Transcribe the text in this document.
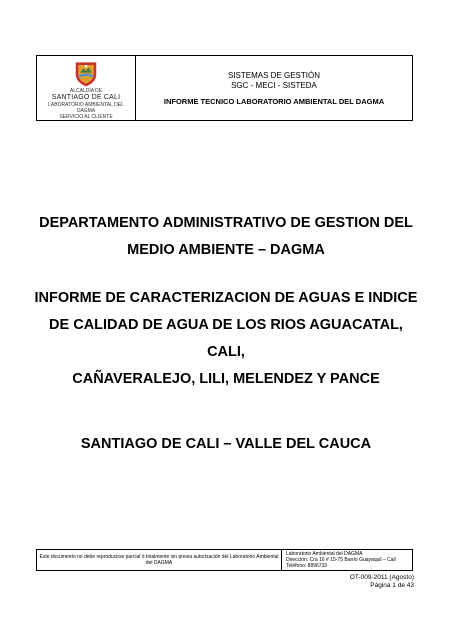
ALCALDÍA DE
SANTIAGO DE CALI
LABORATORIO AMBIENTAL DEL
DAGMA
SERVICIO AL CLIENTE
SISTEMAS DE GESTIÓN
SGC - MECI - SISTEDA
INFORME TECNICO LABORATORIO AMBIENTAL DEL DAGMA

DEPARTAMENTO ADMINISTRATIVO DE GESTION DEL

MEDIO AMBIENTE – DAGMA

INFORME DE CARACTERIZACION DE AGUAS E INDICE

DE CALIDAD DE AGUA DE LOS RIOS AGUACATAL, CALI,

CAÑAVERALEJO, LILI, MELENDEZ Y PANCE

SANTIAGO DE CALI – VALLE DEL CAUCA

Este documento no debe reproducirse parcial ó totalmente sin previa autorización del Laboratorio Ambiental del DAGMA
Laboratorio Ambiental del DAGMA
Dirección: Cra 16 # 15-75 Barrio Guayaquil – Cali
Teléfono: 8896733
OT-009-2011 (Agosto)
Página 1 de 43
